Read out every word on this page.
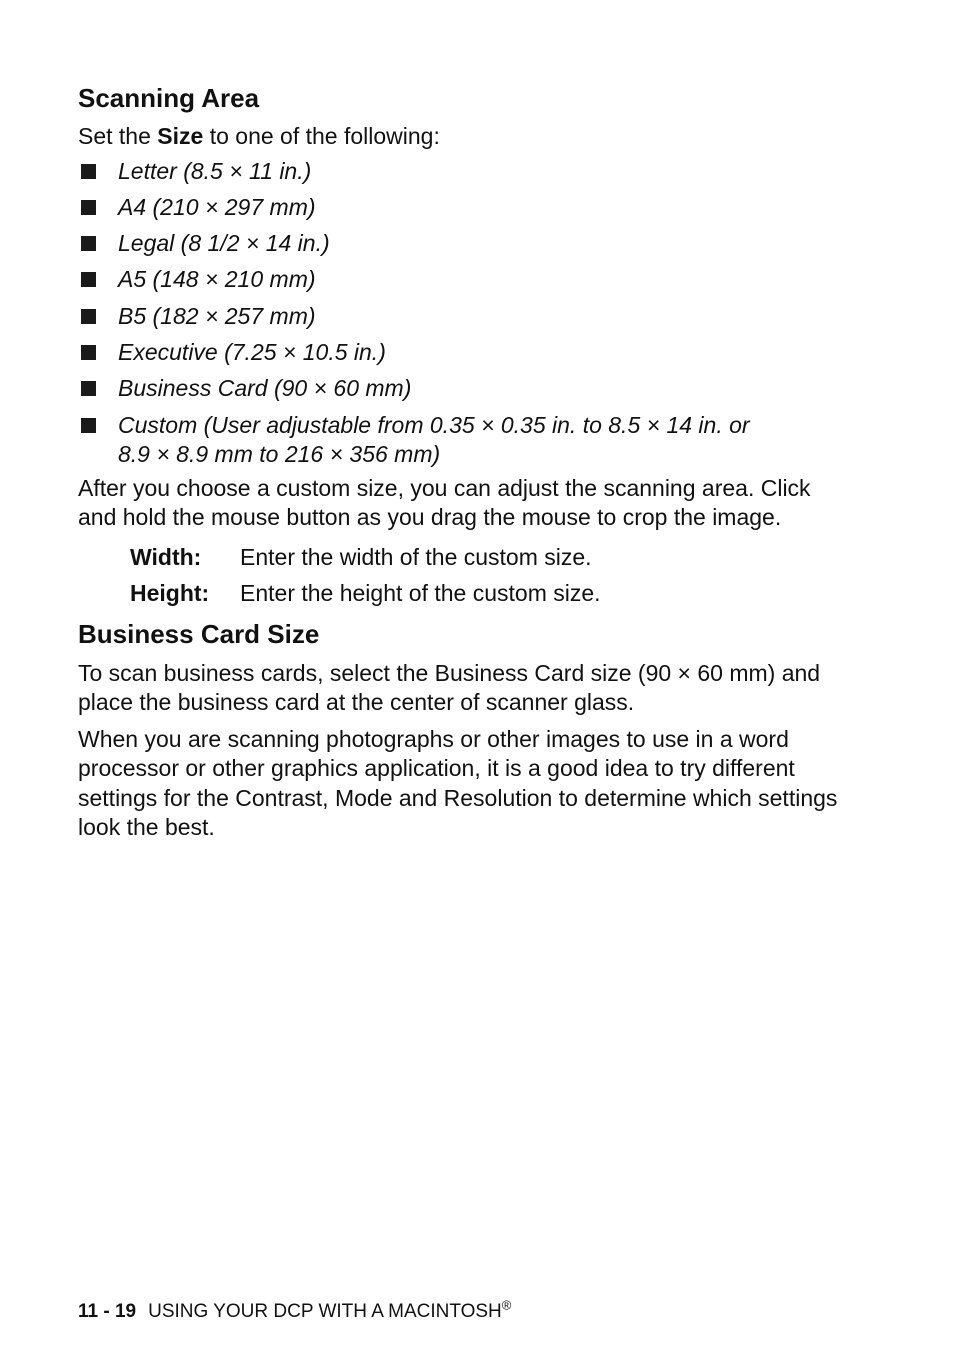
Scanning Area

Set the Size to one of the following:

Letter (8.5 × 11 in.)
A4 (210 × 297 mm)
Legal (8 1/2 × 14 in.)
A5 (148 × 210 mm)
B5 (182 × 257 mm)
Executive (7.25 × 10.5 in.)
Business Card (90 × 60 mm)
Custom (User adjustable from 0.35 × 0.35 in. to 8.5 × 14 in. or
8.9 × 8.9 mm to 216 × 356 mm)

After you choose a custom size, you can adjust the scanning area. Click and hold the mouse button as you drag the mouse to crop the image.

Width:	Enter the width of the custom size.
Height:	Enter the height of the custom size.
Business Card Size

To scan business cards, select the Business Card size (90 × 60 mm) and place the business card at the center of scanner glass.

When you are scanning photographs or other images to use in a word processor or other graphics application, it is a good idea to try different settings for the Contrast, Mode and Resolution to determine which settings look the best.

11 - 19 USING YOUR DCP WITH A MACINTOSH®
